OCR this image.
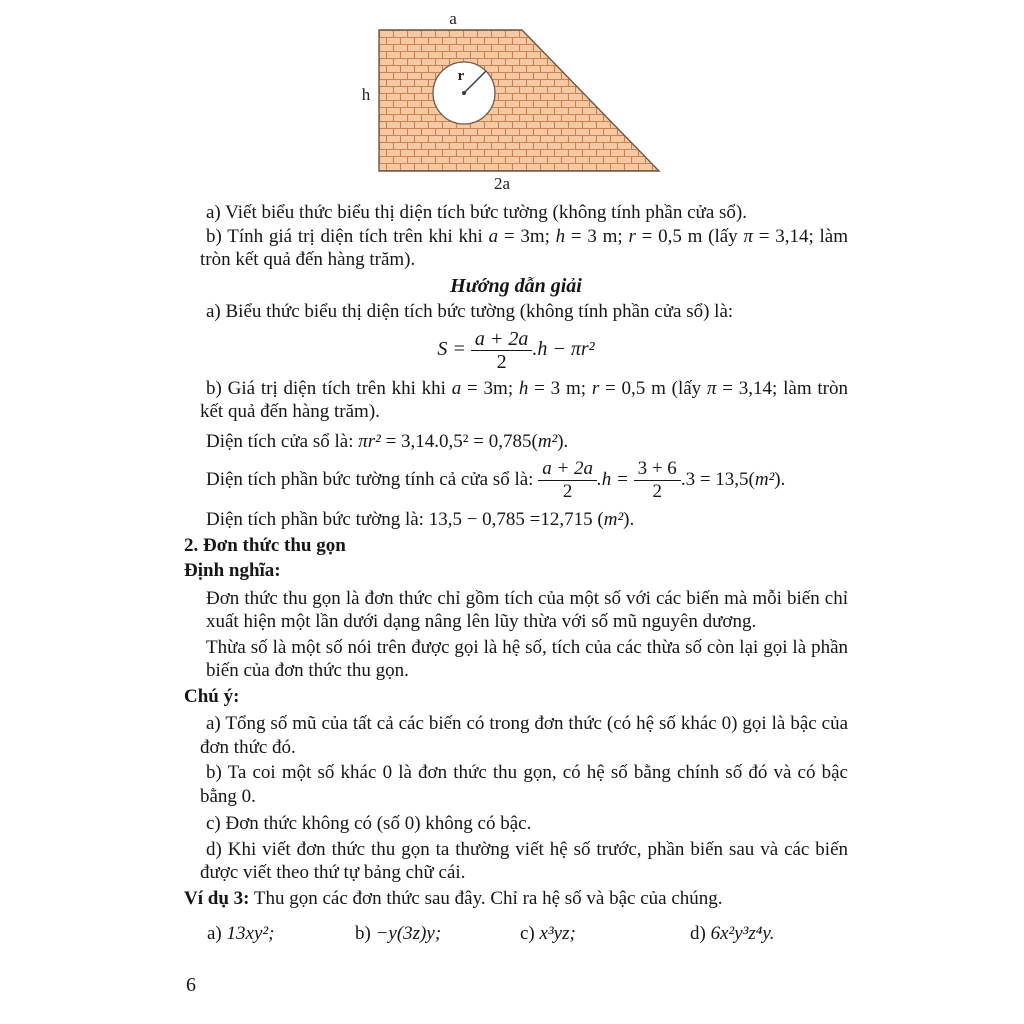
a
h
2a
r

a) Viết biểu thức biểu thị diện tích bức tường (không tính phần cửa sổ).

b) Tính giá trị diện tích trên khi khi a = 3m; h = 3 m; r = 0,5 m (lấy π = 3,14; làm tròn kết quả đến hàng trăm).

Hướng dẫn giải

a) Biểu thức biểu thị diện tích bức tường (không tính phần cửa sổ) là:

$S = \frac{a + 2a}{2} .h - \pi r^2$

b) Giá trị diện tích trên khi khi a = 3m; h = 3 m; r = 0,5 m (lấy π = 3,14; làm tròn kết quả đến hàng trăm).

Diện tích cửa sổ là: πr² = 3,14.0,5² = 0,785(m²).

Diện tích phần bức tường tính cả cửa sổ là: $\frac{a + 2a}{2} .h = \frac{3 + 6}{2} .3 = 13,5(m^2)$.

Diện tích phần bức tường là: 13,5 − 0,785 =12,715 (m²).

2. Đơn thức thu gọn

Định nghĩa:

Đơn thức thu gọn là đơn thức chỉ gồm tích của một số với các biến mà mỗi biến chỉ xuất hiện một lần dưới dạng nâng lên lũy thừa với số mũ nguyên dương.

Thừa số là một số nói trên được gọi là hệ số, tích của các thừa số còn lại gọi là phần biến của đơn thức thu gọn.

Chú ý:

a) Tổng số mũ của tất cả các biến có trong đơn thức (có hệ số khác 0) gọi là bậc của đơn thức đó.

b) Ta coi một số khác 0 là đơn thức thu gọn, có hệ số bằng chính số đó và có bậc bằng 0.

c) Đơn thức không có (số 0) không có bậc.

d) Khi viết đơn thức thu gọn ta thường viết hệ số trước, phần biến sau và các biến được viết theo thứ tự bảng chữ cái.

Ví dụ 3: Thu gọn các đơn thức sau đây. Chỉ ra hệ số và bậc của chúng.

a) 13xy²;	b) −y(3z)y;	c) x³yz;	d) 6x²y³z⁴y.
6
